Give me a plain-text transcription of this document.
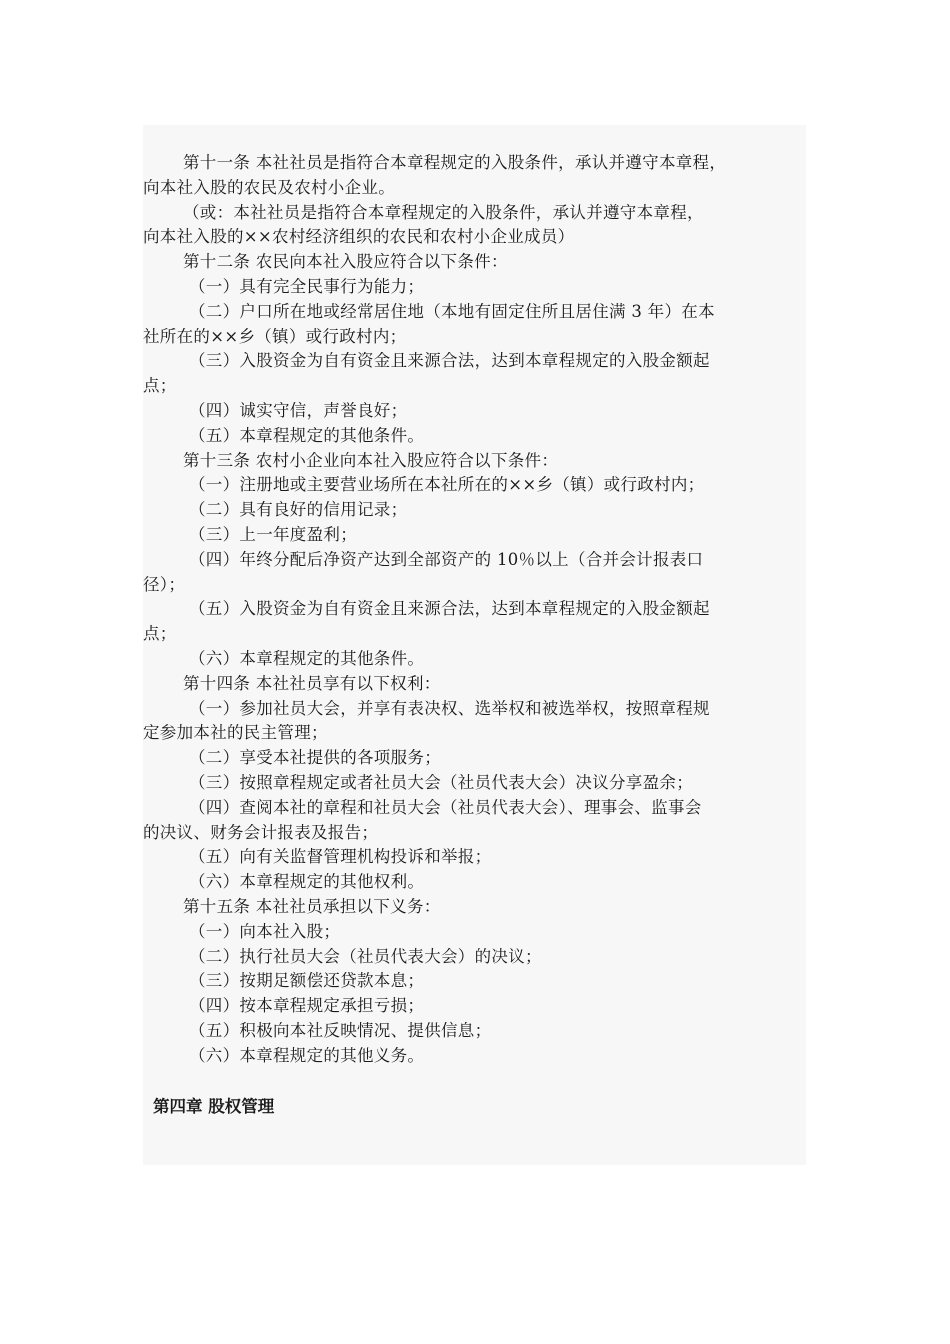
第十一条 本社社员是指符合本章程规定的入股条件，承认并遵守本章程，
向本社入股的农民及农村小企业。
（或：本社社员是指符合本章程规定的入股条件，承认并遵守本章程，
向本社入股的××农村经济组织的农民和农村小企业成员）
第十二条 农民向本社入股应符合以下条件：
（一）具有完全民事行为能力；
（二）户口所在地或经常居住地（本地有固定住所且居住满 3 年）在本
社所在的××乡（镇）或行政村内；
（三）入股资金为自有资金且来源合法，达到本章程规定的入股金额起
点；
（四）诚实守信，声誉良好；
（五）本章程规定的其他条件。
第十三条 农村小企业向本社入股应符合以下条件：
（一）注册地或主要营业场所在本社所在的××乡（镇）或行政村内；
（二）具有良好的信用记录；
（三）上一年度盈利；
（四）年终分配后净资产达到全部资产的 10％以上（合并会计报表口
径）；
（五）入股资金为自有资金且来源合法，达到本章程规定的入股金额起
点；
（六）本章程规定的其他条件。
第十四条 本社社员享有以下权利：
（一）参加社员大会，并享有表决权、选举权和被选举权，按照章程规
定参加本社的民主管理；
（二）享受本社提供的各项服务；
（三）按照章程规定或者社员大会（社员代表大会）决议分享盈余；
（四）查阅本社的章程和社员大会（社员代表大会）、理事会、监事会
的决议、财务会计报表及报告；
（五）向有关监督管理机构投诉和举报；
（六）本章程规定的其他权利。
第十五条 本社社员承担以下义务：
（一）向本社入股；
（二）执行社员大会（社员代表大会）的决议；
（三）按期足额偿还贷款本息；
（四）按本章程规定承担亏损；
（五）积极向本社反映情况、提供信息；
（六）本章程规定的其他义务。
第四章 股权管理
